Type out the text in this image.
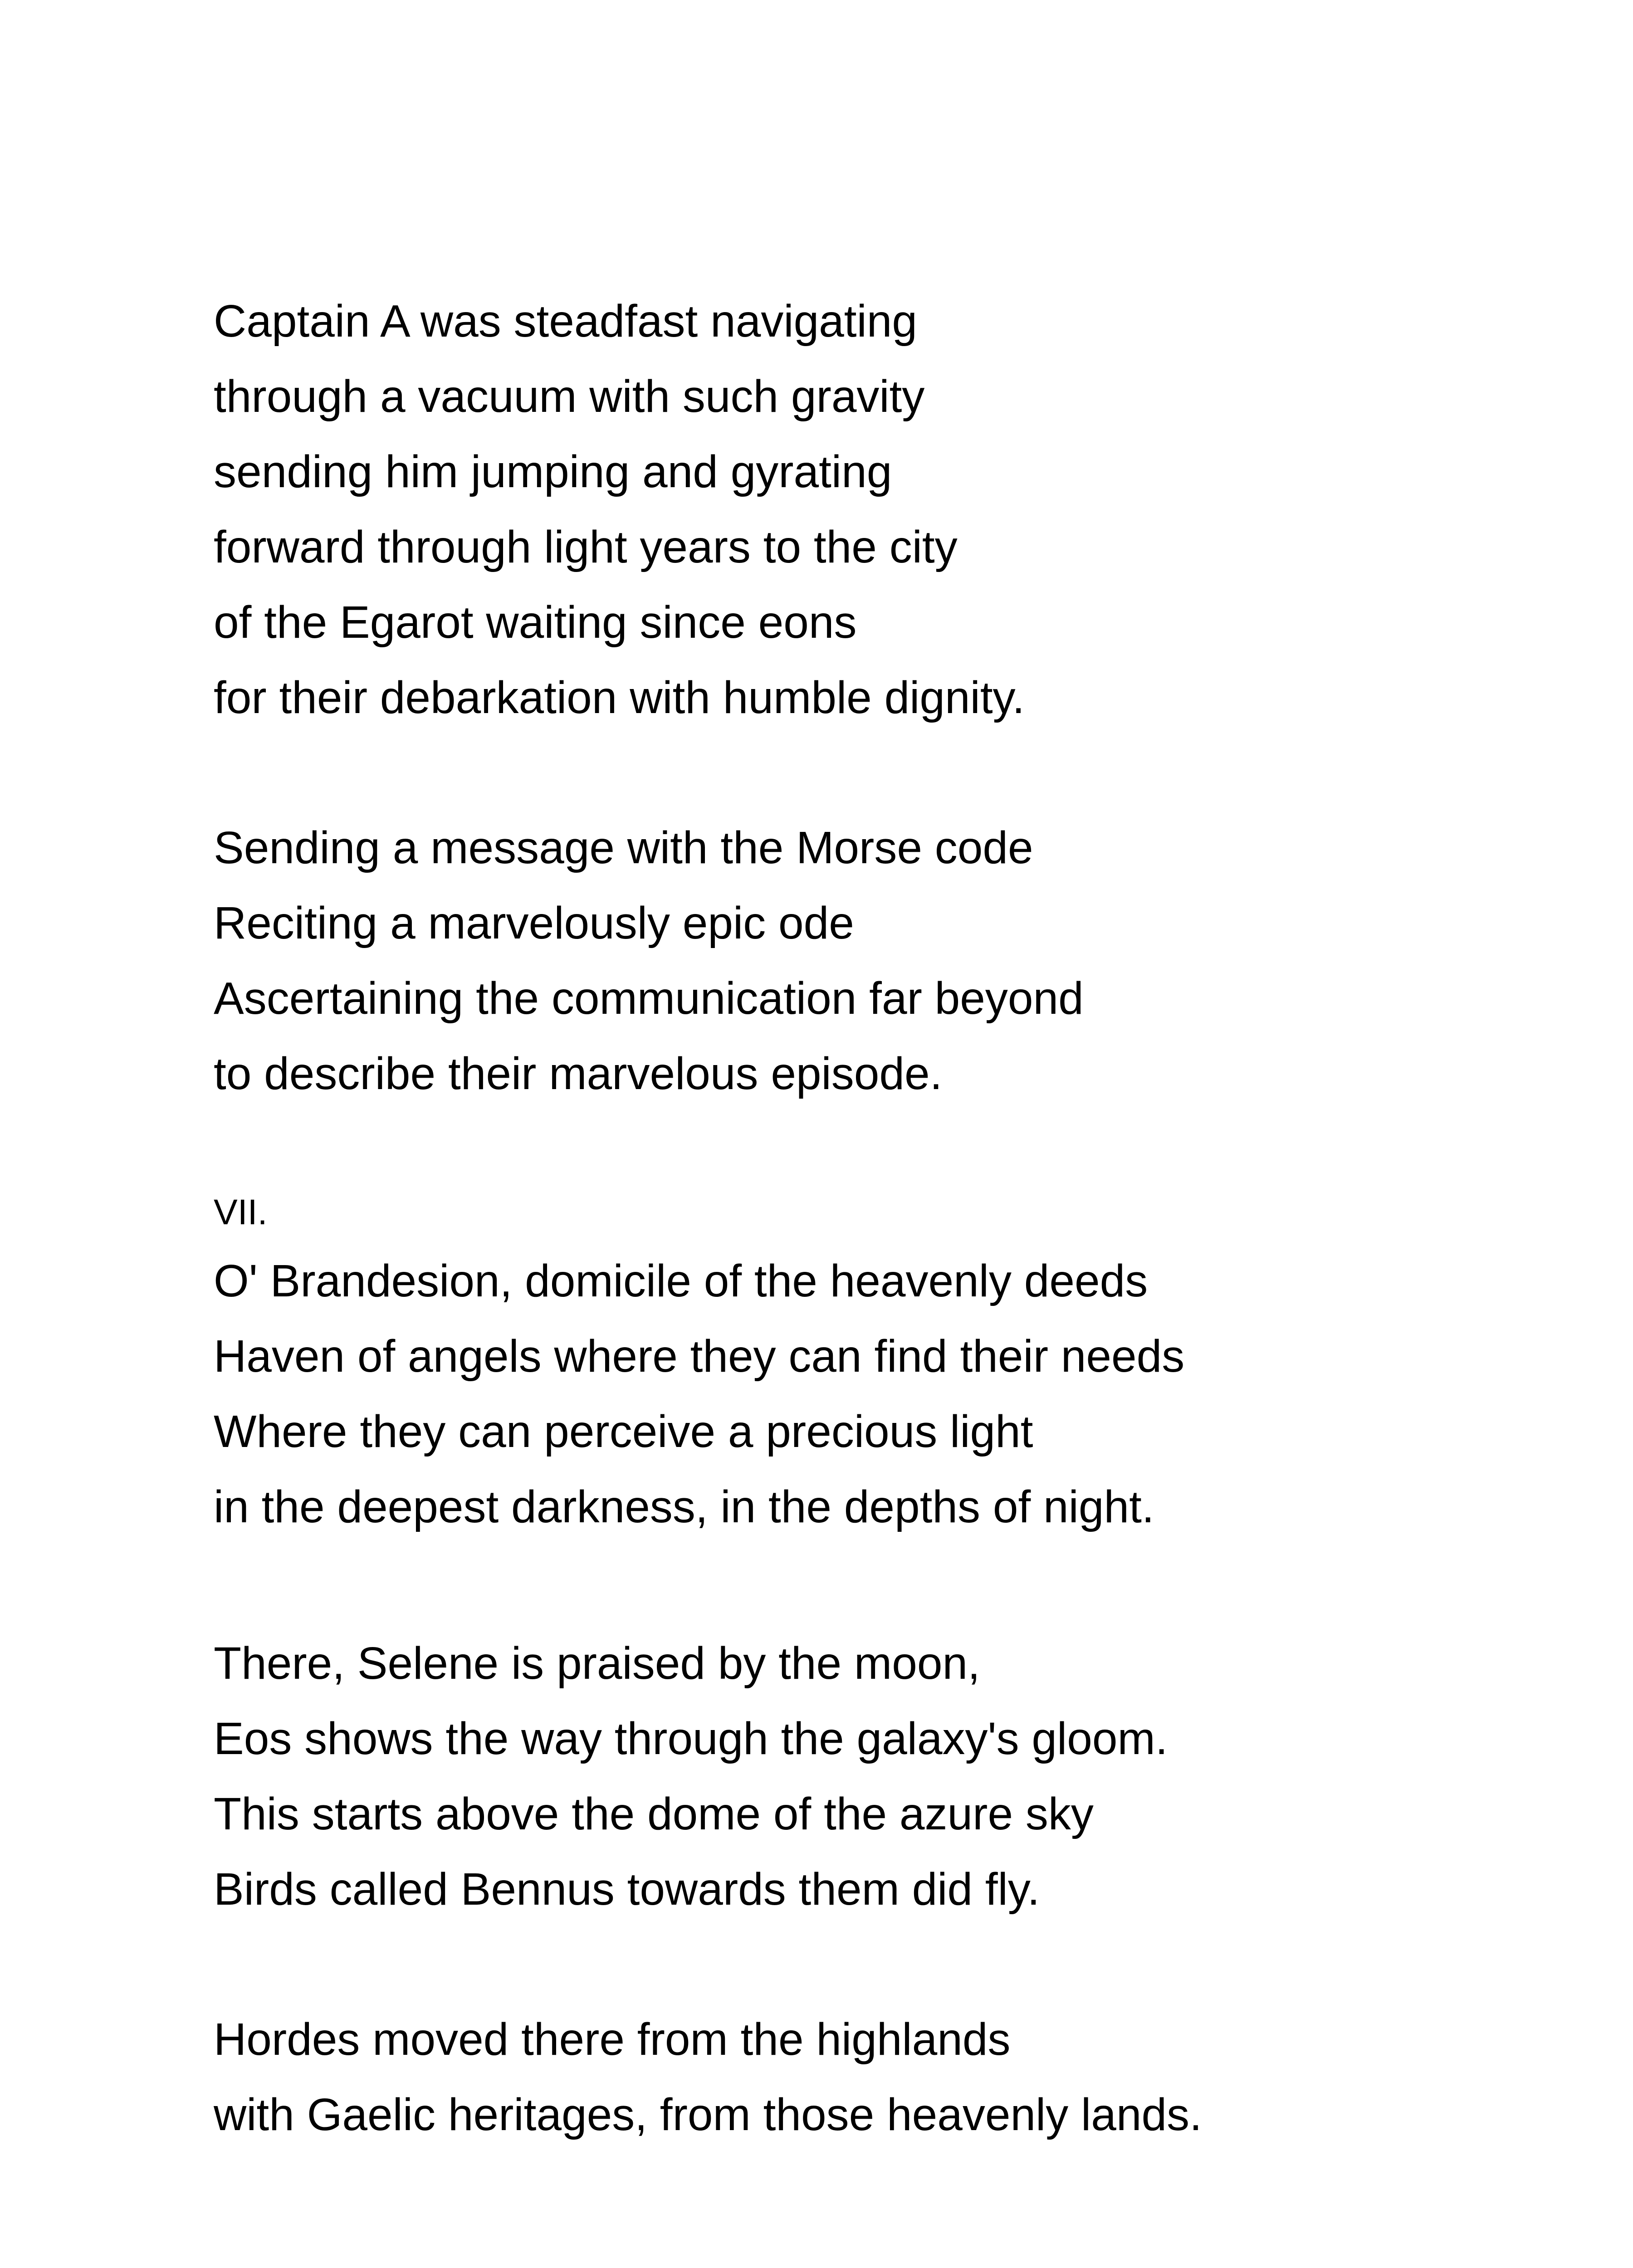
Captain A was steadfast navigating

through a vacuum with such gravity

sending him jumping and gyrating

forward through light years to the city

of the Egarot waiting since eons

for their debarkation with humble dignity.

Sending a message with the Morse code

Reciting a marvelously epic ode

Ascertaining the communication far beyond

to describe their marvelous episode.

VII.

O' Brandesion, domicile of the heavenly deeds

Haven of angels where they can find their needs

Where they can perceive a precious light

in the deepest darkness, in the depths of night.

There, Selene is praised by the moon,

Eos shows the way through the galaxy's gloom.

This starts above the dome of the azure sky

Birds called Bennus towards them did fly.

Hordes moved there from the highlands

with Gaelic heritages, from those heavenly lands.
